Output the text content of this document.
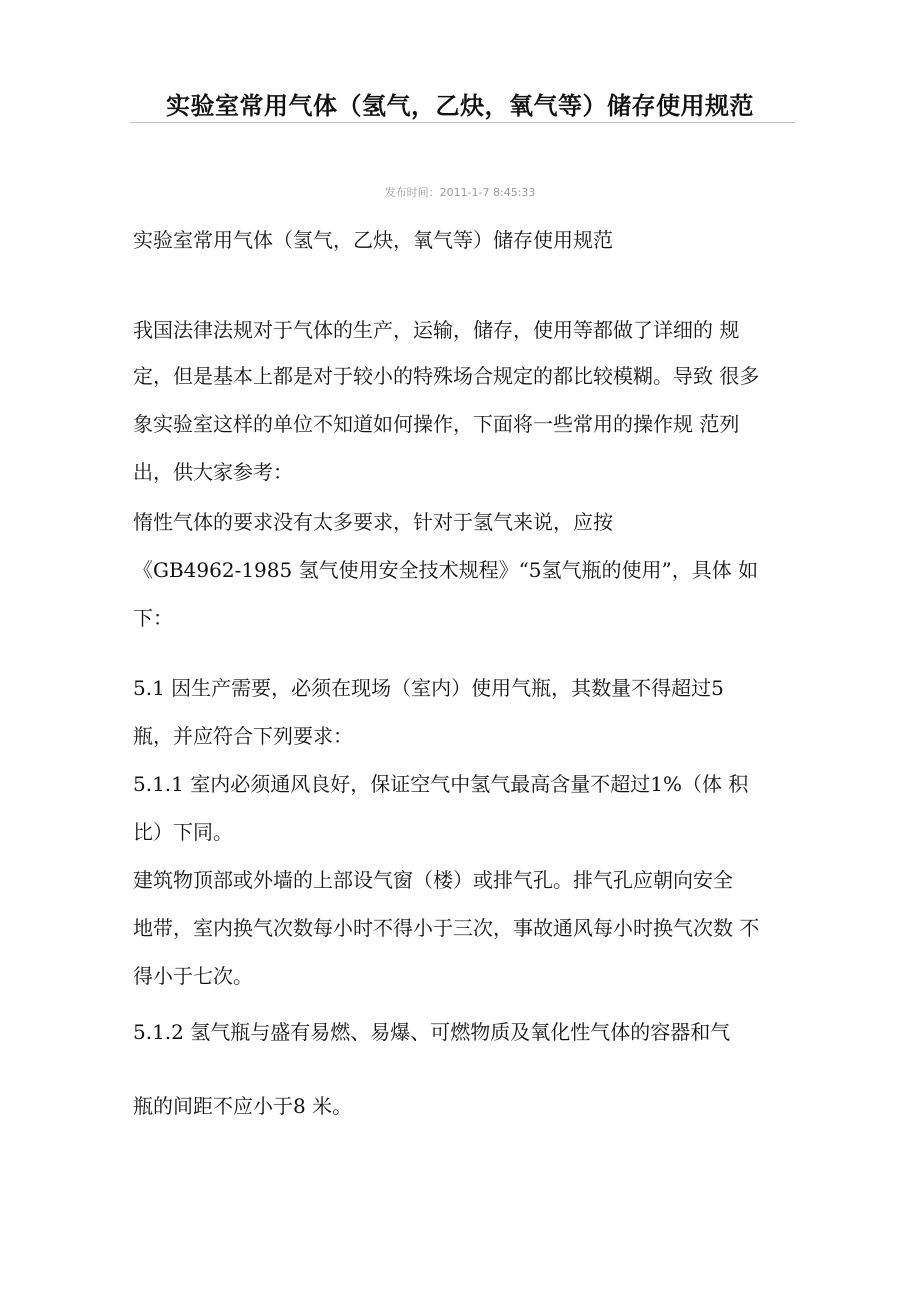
实验室常用气体（氢气，乙炔，氧气等）储存使用规范
发布时间：2011-1-7 8:45:33
实验室常用气体（氢气，乙炔，氧气等）储存使用规范
我国法律法规对于气体的生产，运输，储存，使用等都做了详细的 规
定，但是基本上都是对于较小的特殊场合规定的都比较模糊。导致 很多
象实验室这样的单位不知道如何操作，下面将一些常用的操作规 范列
出，供大家参考：
惰性气体的要求没有太多要求，针对于氢气来说，应按
《GB4962-1985 氢气使用安全技术规程》“5氢气瓶的使用”，具体 如
下：
5.1 因生产需要，必须在现场（室内）使用气瓶，其数量不得超过5
瓶，并应符合下列要求：
5.1.1 室内必须通风良好，保证空气中氢气最高含量不超过1%（体 积
比）下同。
建筑物顶部或外墙的上部设气窗（楼）或排气孔。排气孔应朝向安全
地带，室内换气次数每小时不得小于三次，事故通风每小时换气次数 不
得小于七次。
5.1.2 氢气瓶与盛有易燃、易爆、可燃物质及氧化性气体的容器和气
瓶的间距不应小于8 米。
